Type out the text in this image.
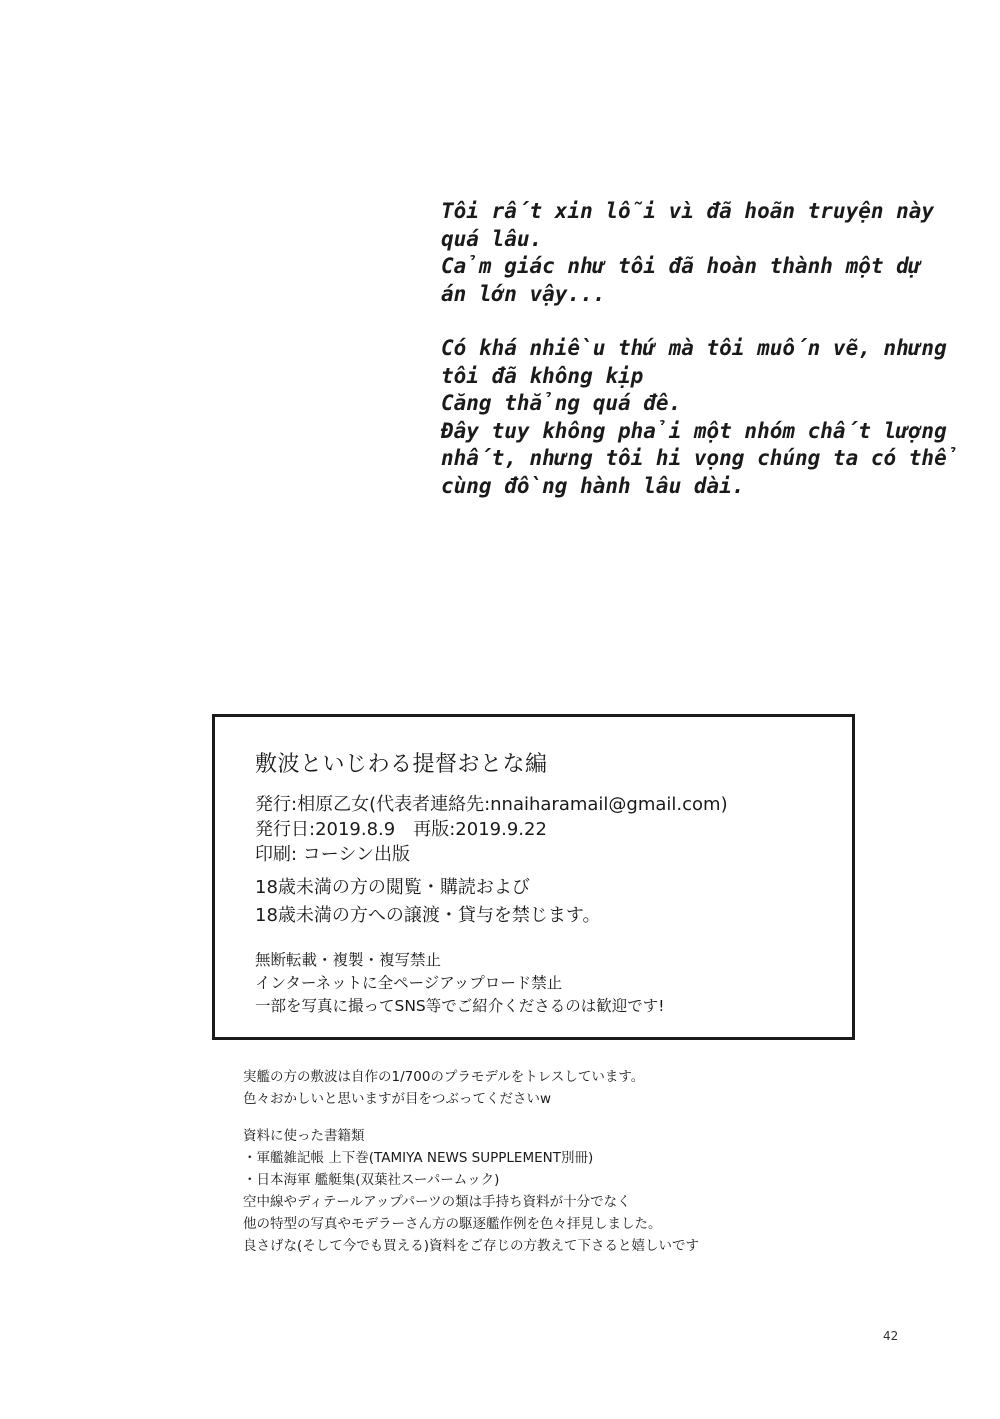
Tôi rất xin lỗi vì đã hoãn truyện này
quá lâu.
Cảm giác như tôi đã hoàn thành một dự
án lớn vậy...
Có khá nhiều thứ mà tôi muốn vẽ, nhưng
tôi đã không kịp
Căng thẳng quá đê.
Đây tuy không phải một nhóm chất lượng
nhất, nhưng tôi hi vọng chúng ta có thể
cùng đồng hành lâu dài.
敷波といじわる提督おとな編
発行:相原乙女(代表者連絡先:nnaiharamail@gmail.com)
発行日:2019.8.9　再版:2019.9.22
印刷: コーシン出版
18歳未満の方の閲覧・購読および
18歳未満の方への譲渡・貸与を禁じます。
無断転載・複製・複写禁止
インターネットに全ページアップロード禁止
一部を写真に撮ってSNS等でご紹介くださるのは歓迎です!
実艦の方の敷波は自作の1/700のプラモデルをトレスしています。
色々おかしいと思いますが目をつぶってくださいw
資料に使った書籍類
・軍艦雑記帳 上下巻(TAMIYA NEWS SUPPLEMENT別冊)
・日本海軍 艦艇集(双葉社スーパームック)
空中線やディテールアップパーツの類は手持ち資料が十分でなく
他の特型の写真やモデラーさん方の駆逐艦作例を色々拝見しました。
良さげな(そして今でも買える)資料をご存じの方教えて下さると嬉しいです
42
